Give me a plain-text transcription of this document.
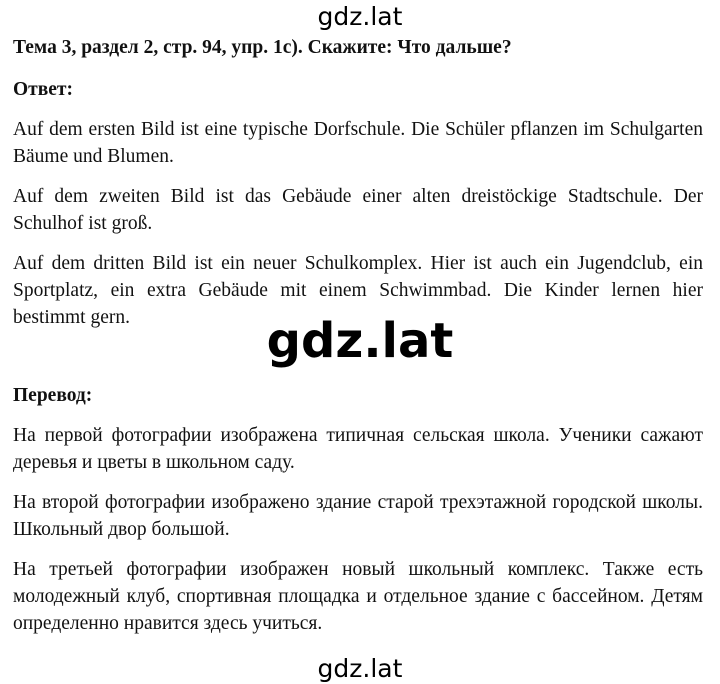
gdz.lat

Тема 3, раздел 2, стр. 94, упр. 1c). Скажите: Что дальше?

Ответ:

Auf dem ersten Bild ist eine typische Dorfschule. Die Schüler pflanzen im Schulgarten Bäume und Blumen.

Auf dem zweiten Bild ist das Gebäude einer alten dreistöckige Stadtschule. Der Schulhof ist groß.

Auf dem dritten Bild ist ein neuer Schulkomplex. Hier ist auch ein Jugendclub, ein Sportplatz, ein extra Gebäude mit einem Schwimmbad. Die Kinder lernen hier bestimmt gern.	gdz.lat

Перевод:

На первой фотографии изображена типичная сельская школа. Ученики сажают деревья и цветы в школьном саду.

На второй фотографии изображено здание старой трехэтажной городской школы. Школьный двор большой.

На третьей фотографии изображен новый школьный комплекс. Также есть молодежный клуб, спортивная площадка и отдельное здание с бассейном. Детям определенно нравится здесь учиться.

gdz.lat
